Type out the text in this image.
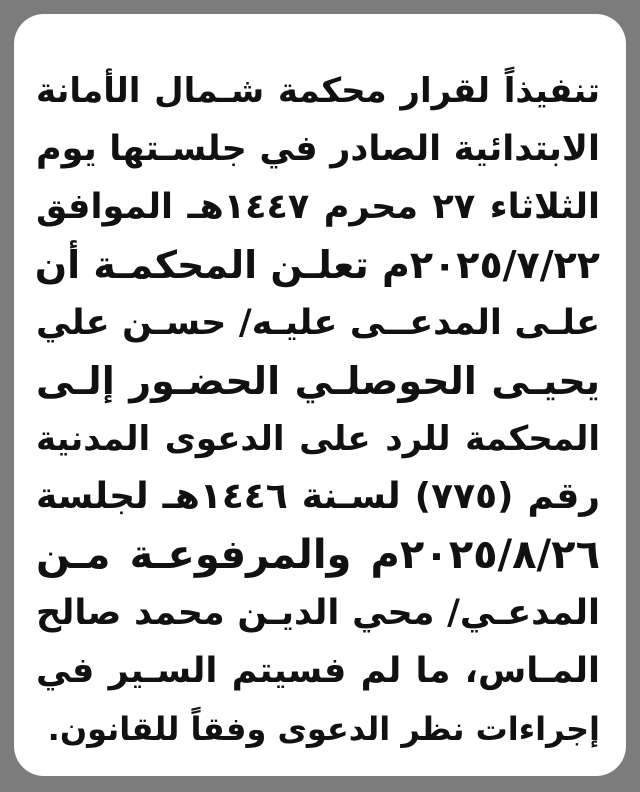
تنفيذاً لقرار محكمة شـمال الأمانة
الابتدائية الصادر في جلسـتها يوم
الثلاثاء ٢٧ محرم ١٤٤٧هـ الموافق
٢٠٢٥/٧/٢٢م تعلـن المحكمـة أن
علـى المدعــى عليـه/ حسـن علي
يحيـى الحوصلـي الحضـور إلـى
المحكمة للرد على الدعوى المدنية
رقم (٧٧٥) لسـنة ١٤٤٦هـ لجلسة
٢٠٢٥/٨/٢٦م والمرفوعـة مـن
المدعـي/ محي الديـن محمد صالح
المـاس، ما لم فسيتم السـير في
إجراءات نظر الدعوى وفقاً للقانون.
